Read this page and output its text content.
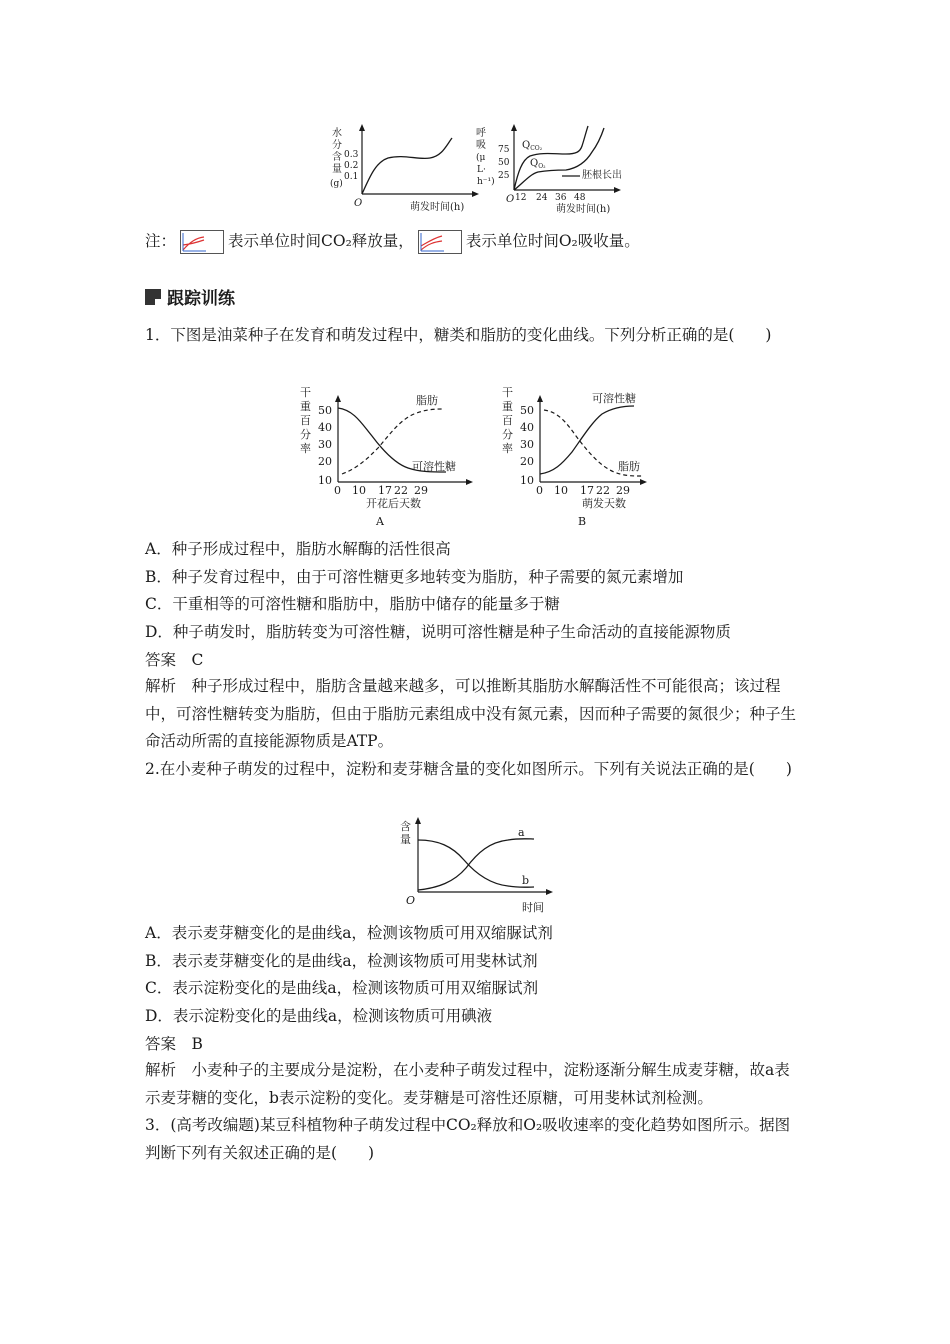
水
分
含
量
(g)
0.3
0.2
0.1
O	萌发时间(h)
呼
吸
(μ
L·
h⁻¹)
75
50
25
12 24 36 48
O
萌发时间(h)
$Q_{CO_2}$
$Q_{O_2}$
胚根长出
注：	表示单位时间CO₂释放量，	表示单位时间O₂吸收量。
跟踪训练
1．下图是油菜种子在发育和萌发过程中，糖类和脂肪的变化曲线。下列分析正确的是(　　)
干
重
百
分
率
50
40
30
20
10
0 10 17 22 29
开花后天数
A
脂肪
可溶性糖
干
重
百
分
率
50
40
30
20
10
0 10 17 22 29
萌发天数
B
可溶性糖
脂肪
A．种子形成过程中，脂肪水解酶的活性很高
B．种子发育过程中，由于可溶性糖更多地转变为脂肪，种子需要的氮元素增加
C．干重相等的可溶性糖和脂肪中，脂肪中储存的能量多于糖
D．种子萌发时，脂肪转变为可溶性糖，说明可溶性糖是种子生命活动的直接能源物质
答案　C
解析　种子形成过程中，脂肪含量越来越多，可以推断其脂肪水解酶活性不可能很高；该过程中，可溶性糖转变为脂肪，但由于脂肪元素组成中没有氮元素，因而种子需要的氮很少；种子生命活动所需的直接能源物质是ATP。
2.在小麦种子萌发的过程中，淀粉和麦芽糖含量的变化如图所示。下列有关说法正确的是(　　)
含
量
O
时间
a
b
A．表示麦芽糖变化的是曲线a，检测该物质可用双缩脲试剂
B．表示麦芽糖变化的是曲线a，检测该物质可用斐林试剂
C．表示淀粉变化的是曲线a，检测该物质可用双缩脲试剂
D．表示淀粉变化的是曲线a，检测该物质可用碘液
答案　B
解析　小麦种子的主要成分是淀粉，在小麦种子萌发过程中，淀粉逐渐分解生成麦芽糖，故a表示麦芽糖的变化，b表示淀粉的变化。麦芽糖是可溶性还原糖，可用斐林试剂检测。
3．(高考改编题)某豆科植物种子萌发过程中CO₂释放和O₂吸收速率的变化趋势如图所示。据图判断下列有关叙述正确的是(　　)
